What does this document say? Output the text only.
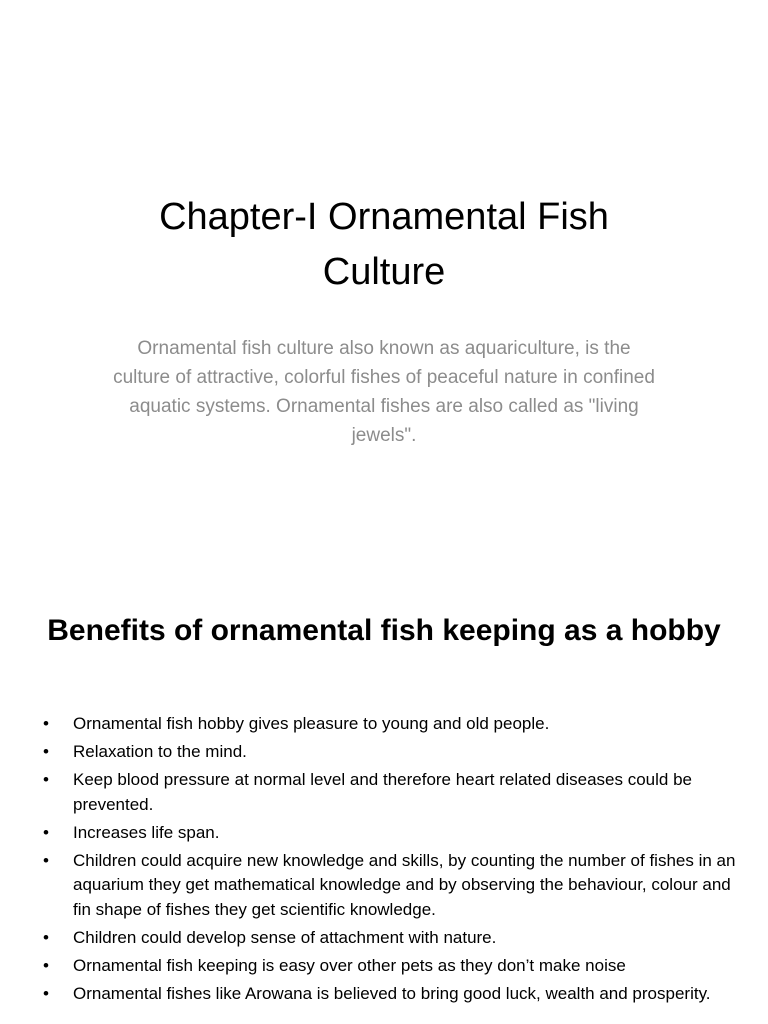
Chapter-I Ornamental Fish Culture

Ornamental fish culture also known as aquariculture, is the culture of attractive, colorful fishes of peaceful nature in confined aquatic systems. Ornamental fishes are also called as "living jewels".

Benefits of ornamental fish keeping as a hobby
• Ornamental fish hobby gives pleasure to young and old people.
• Relaxation to the mind.
• Keep blood pressure at normal level and therefore heart related diseases could be prevented.
• Increases life span.
• Children could acquire new knowledge and skills, by counting the number of fishes in an aquarium they get mathematical knowledge and by observing the behaviour, colour and fin shape of fishes they get scientific knowledge.
• Children could develop sense of attachment with nature.
• Ornamental fish keeping is easy over other pets as they don’t make noise
• Ornamental fishes like Arowana is believed to bring good luck, wealth and prosperity.
